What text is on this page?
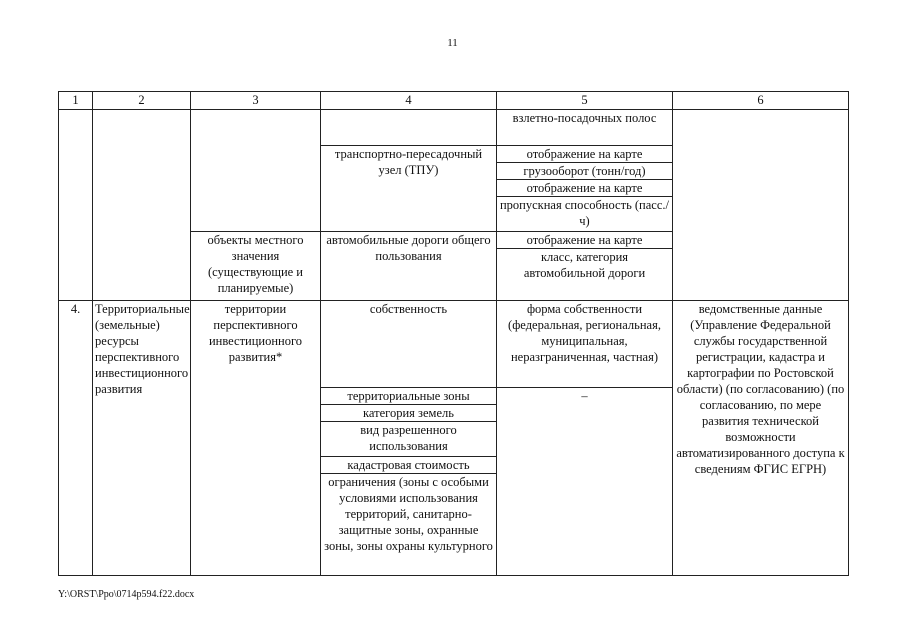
11
1	2	3	4	5	6
				взлетно-посадочных полос	
			транспортно-пересадочный узел (ТПУ)	отображение на карте	
				грузооборот (тонн/год)	
				отображение на карте	
				пропускная способность (пасс./ч)	
		объекты местного значения (существующие и планируемые)	автомобильные дороги общего пользования	отображение на карте	
				класс, категория автомобильной дороги	
4.	Территориальные (земельные) ресурсы перспективного инвестиционного развития	территории перспективного инвестиционного развития*	собственность	форма собственности (федеральная, региональная, муниципальная, неразграниченная, частная)	ведомственные данные (Управление Федеральной службы государственной регистрации, кадастра и картографии по Ростовской области) (по согласованию) (по согласованию, по мере развития технической возможности автоматизированного доступа к сведениям ФГИС ЕГРН)
			территориальные зоны	–	
			категория земель		
			вид разрешенного использования		
			кадастровая стоимость		
			ограничения (зоны с особыми условиями использования территорий, санитарно-защитные зоны, охранные зоны, зоны охраны культурного		
Y:\ORST\Ppo\0714p594.f22.docx
